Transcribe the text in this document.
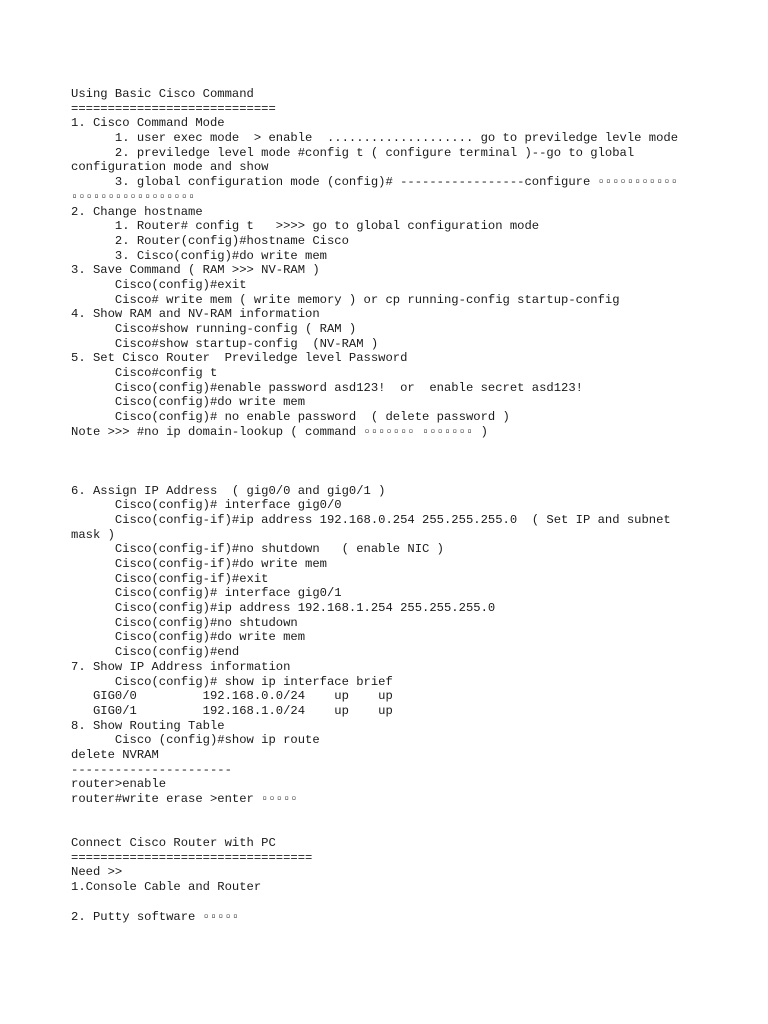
Using Basic Cisco Command
============================
1. Cisco Command Mode
1. user exec mode  > enable  .................... go to previledge levle mode
2. previledge level mode #config t ( configure terminal )--go to global
configuration mode and show
3. global configuration mode (config)# -----------------configure ▫▫▫▫▫▫▫▫▫▫▫
▫▫▫▫▫▫▫▫▫▫▫▫▫▫▫▫▫
2. Change hostname
1. Router# config t   >>>> go to global configuration mode
2. Router(config)#hostname Cisco
3. Cisco(config)#do write mem
3. Save Command ( RAM >>> NV-RAM )
Cisco(config)#exit
Cisco# write mem ( write memory ) or cp running-config startup-config
4. Show RAM and NV-RAM information
Cisco#show running-config ( RAM )
Cisco#show startup-config  (NV-RAM )
5. Set Cisco Router  Previledge level Password
Cisco#config t
Cisco(config)#enable password asd123!  or  enable secret asd123!
Cisco(config)#do write mem
Cisco(config)# no enable password  ( delete password )
Note >>> #no ip domain-lookup ( command ▫▫▫▫▫▫▫ ▫▫▫▫▫▫▫ )
6. Assign IP Address  ( gig0/0 and gig0/1 )
Cisco(config)# interface gig0/0
Cisco(config-if)#ip address 192.168.0.254 255.255.255.0  ( Set IP and subnet
mask )
Cisco(config-if)#no shutdown   ( enable NIC )
Cisco(config-if)#do write mem
Cisco(config-if)#exit
Cisco(config)# interface gig0/1
Cisco(config)#ip address 192.168.1.254 255.255.255.0
Cisco(config)#no shtudown
Cisco(config)#do write mem
Cisco(config)#end
7. Show IP Address information
Cisco(config)# show ip interface brief
GIG0/0         192.168.0.0/24    up    up
GIG0/1         192.168.1.0/24    up    up
8. Show Routing Table
Cisco (config)#show ip route
delete NVRAM
----------------------
router>enable
router#write erase >enter ▫▫▫▫▫
Connect Cisco Router with PC
=================================
Need >>
1.Console Cable and Router
2. Putty software ▫▫▫▫▫
